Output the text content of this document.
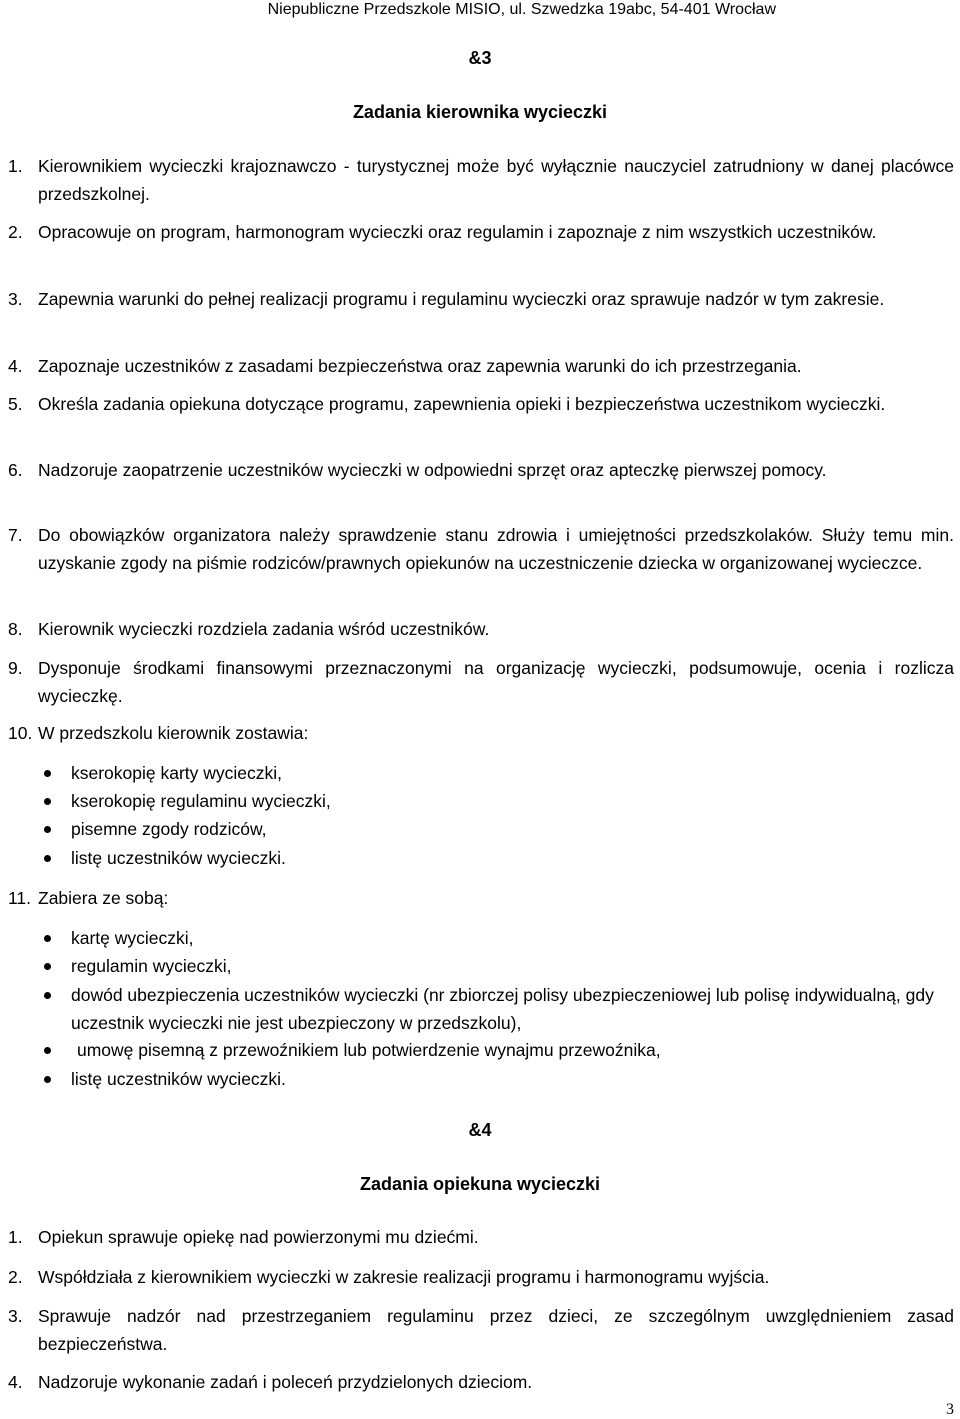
Niepubliczne Przedszkole MISIO, ul. Szwedzka 19abc, 54-401 Wrocław
&3
Zadania kierownika wycieczki
1. Kierownikiem wycieczki krajoznawczo - turystycznej może być wyłącznie nauczyciel zatrudniony w danej placówce przedszkolnej.
2. Opracowuje on program, harmonogram wycieczki oraz regulamin i zapoznaje z nim wszystkich uczestników.
3. Zapewnia warunki do pełnej realizacji programu i regulaminu wycieczki oraz sprawuje nadzór w tym zakresie.
4. Zapoznaje uczestników z zasadami bezpieczeństwa oraz zapewnia warunki do ich przestrzegania.
5. Określa zadania opiekuna dotyczące programu, zapewnienia opieki i bezpieczeństwa uczestnikom wycieczki.
6. Nadzoruje zaopatrzenie uczestników wycieczki w odpowiedni sprzęt oraz apteczkę pierwszej pomocy.
7. Do obowiązków organizatora należy sprawdzenie stanu zdrowia i umiejętności przedszkolaków. Służy temu min. uzyskanie zgody na piśmie rodziców/prawnych opiekunów na uczestniczenie dziecka w organizowanej wycieczce.
8. Kierownik wycieczki rozdziela zadania wśród uczestników.
9. Dysponuje środkami finansowymi przeznaczonymi na organizację wycieczki, podsumowuje, ocenia i rozlicza wycieczkę.
10. W przedszkolu kierownik zostawia:
kserokopię karty wycieczki,
kserokopię regulaminu wycieczki,
pisemne zgody rodziców,
listę uczestników wycieczki.
11. Zabiera ze sobą:
kartę wycieczki,
regulamin wycieczki,
dowód ubezpieczenia uczestników wycieczki (nr zbiorczej polisy ubezpieczeniowej lub polisę indywidualną, gdy uczestnik wycieczki nie jest ubezpieczony w przedszkolu),
umowę pisemną z przewoźnikiem lub potwierdzenie wynajmu przewoźnika,
listę uczestników wycieczki.
&4
Zadania opiekuna wycieczki
1. Opiekun sprawuje opiekę nad powierzonymi mu dziećmi.
2. Współdziała z kierownikiem wycieczki w zakresie realizacji programu i harmonogramu wyjścia.
3. Sprawuje nadzór nad przestrzeganiem regulaminu przez dzieci, ze szczególnym uwzględnieniem zasad bezpieczeństwa.
4. Nadzoruje wykonanie zadań i poleceń przydzielonych dzieciom.
3
